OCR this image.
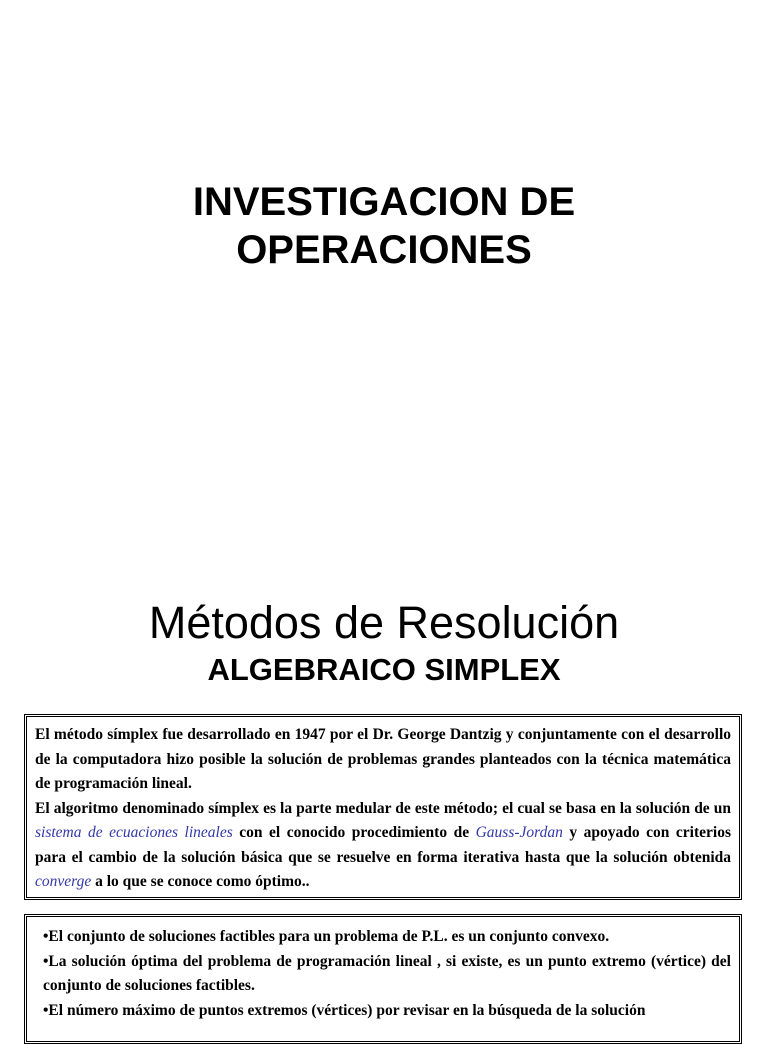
INVESTIGACION DE
OPERACIONES
Métodos de Resolución
ALGEBRAICO SIMPLEX

El método símplex fue desarrollado en 1947 por el Dr. George Dantzig y conjuntamente con el desarrollo de la computadora hizo posible la solución de problemas grandes planteados con la técnica matemática de programación lineal.

El algoritmo denominado símplex es la parte medular de este método; el cual se basa en la solución de un sistema de ecuaciones lineales con el conocido procedimiento de Gauss-Jordan y apoyado con criterios para el cambio de la solución básica que se resuelve en forma iterativa hasta que la solución obtenida converge a lo que se conoce como óptimo..

•El conjunto de soluciones factibles para un problema de P.L. es un conjunto convexo.

•La solución óptima del problema de programación lineal , si existe, es un punto extremo (vértice) del conjunto de soluciones factibles.

•El número máximo de puntos extremos (vértices) por revisar en la búsqueda de la solución
